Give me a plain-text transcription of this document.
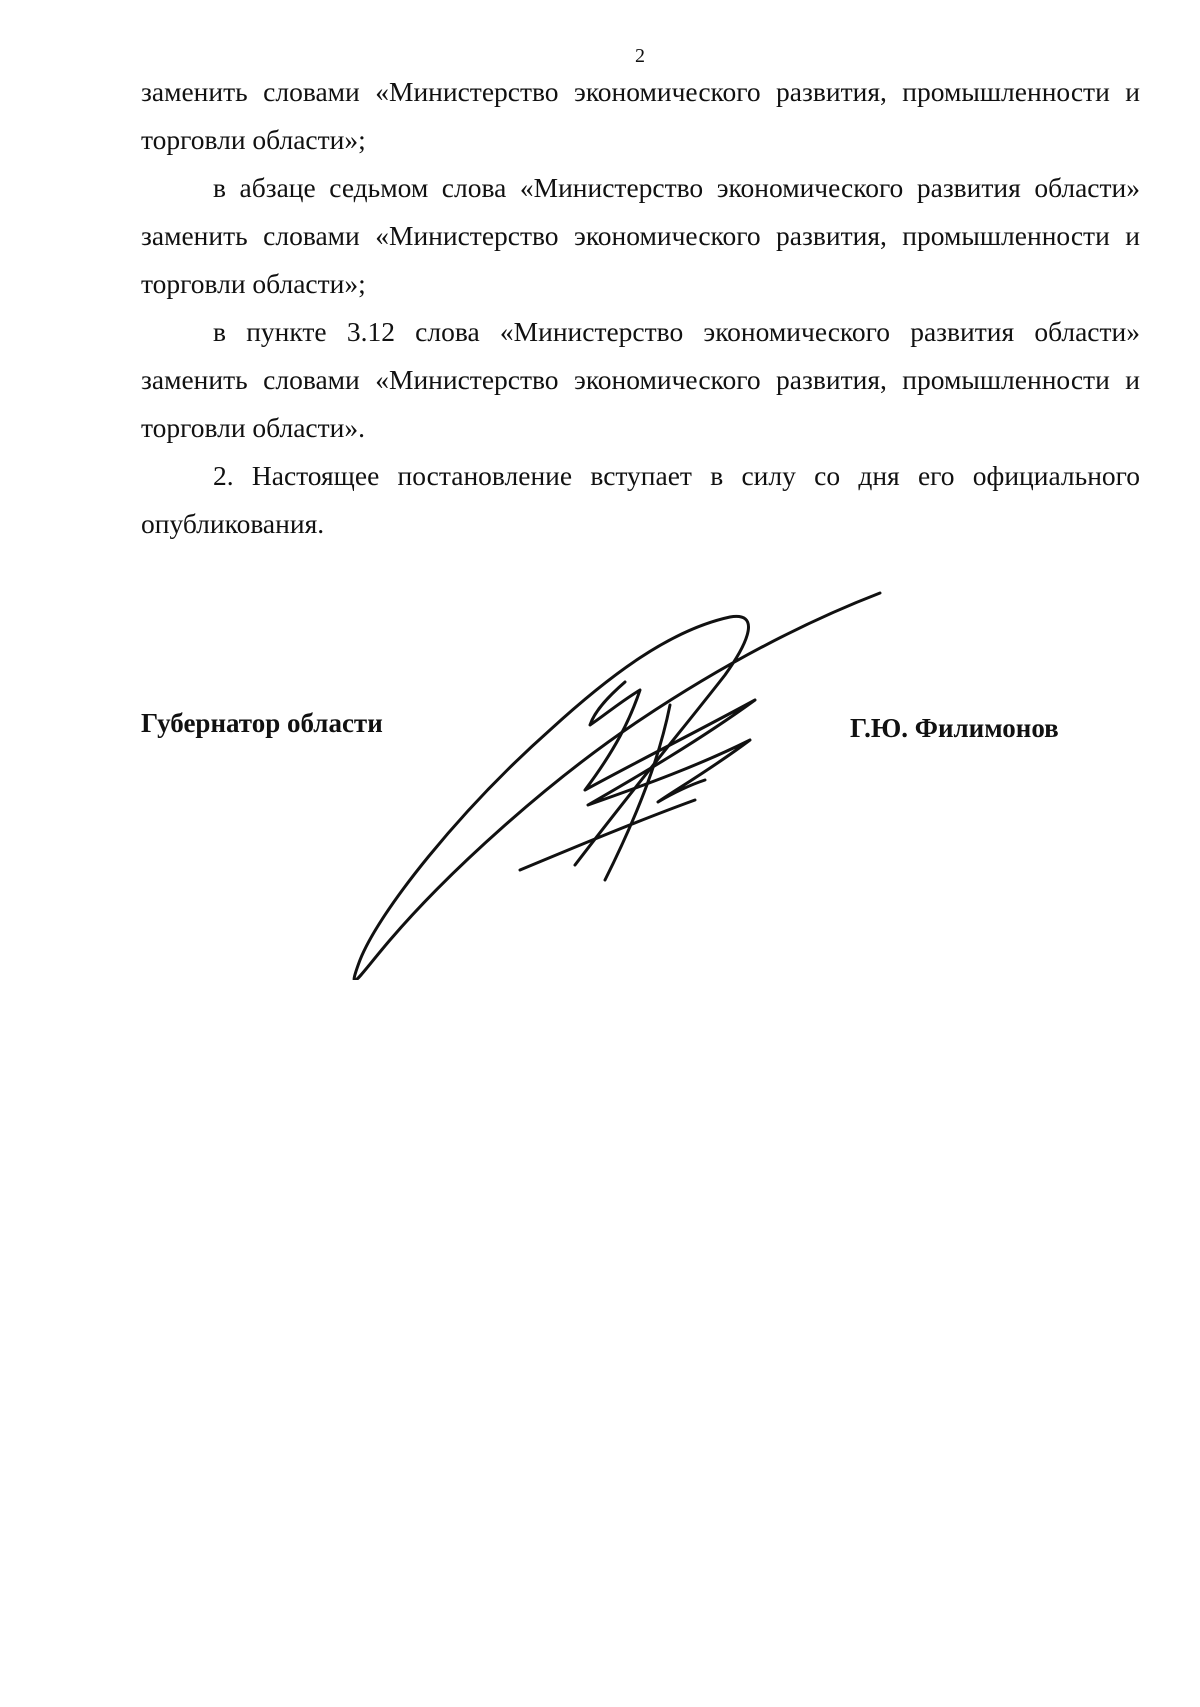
2

заменить словами «Министерство экономического развития, промышленности и торговли области»;

в абзаце седьмом слова «Министерство экономического развития области» заменить словами «Министерство экономического развития, промышленности и торговли области»;

в пункте 3.12 слова «Министерство экономического развития области» заменить словами «Министерство экономического развития, промышленности и торговли области».

2. Настоящее постановление вступает в силу со дня его официального опубликования.

Губернатор области	Г.Ю. Филимонов
